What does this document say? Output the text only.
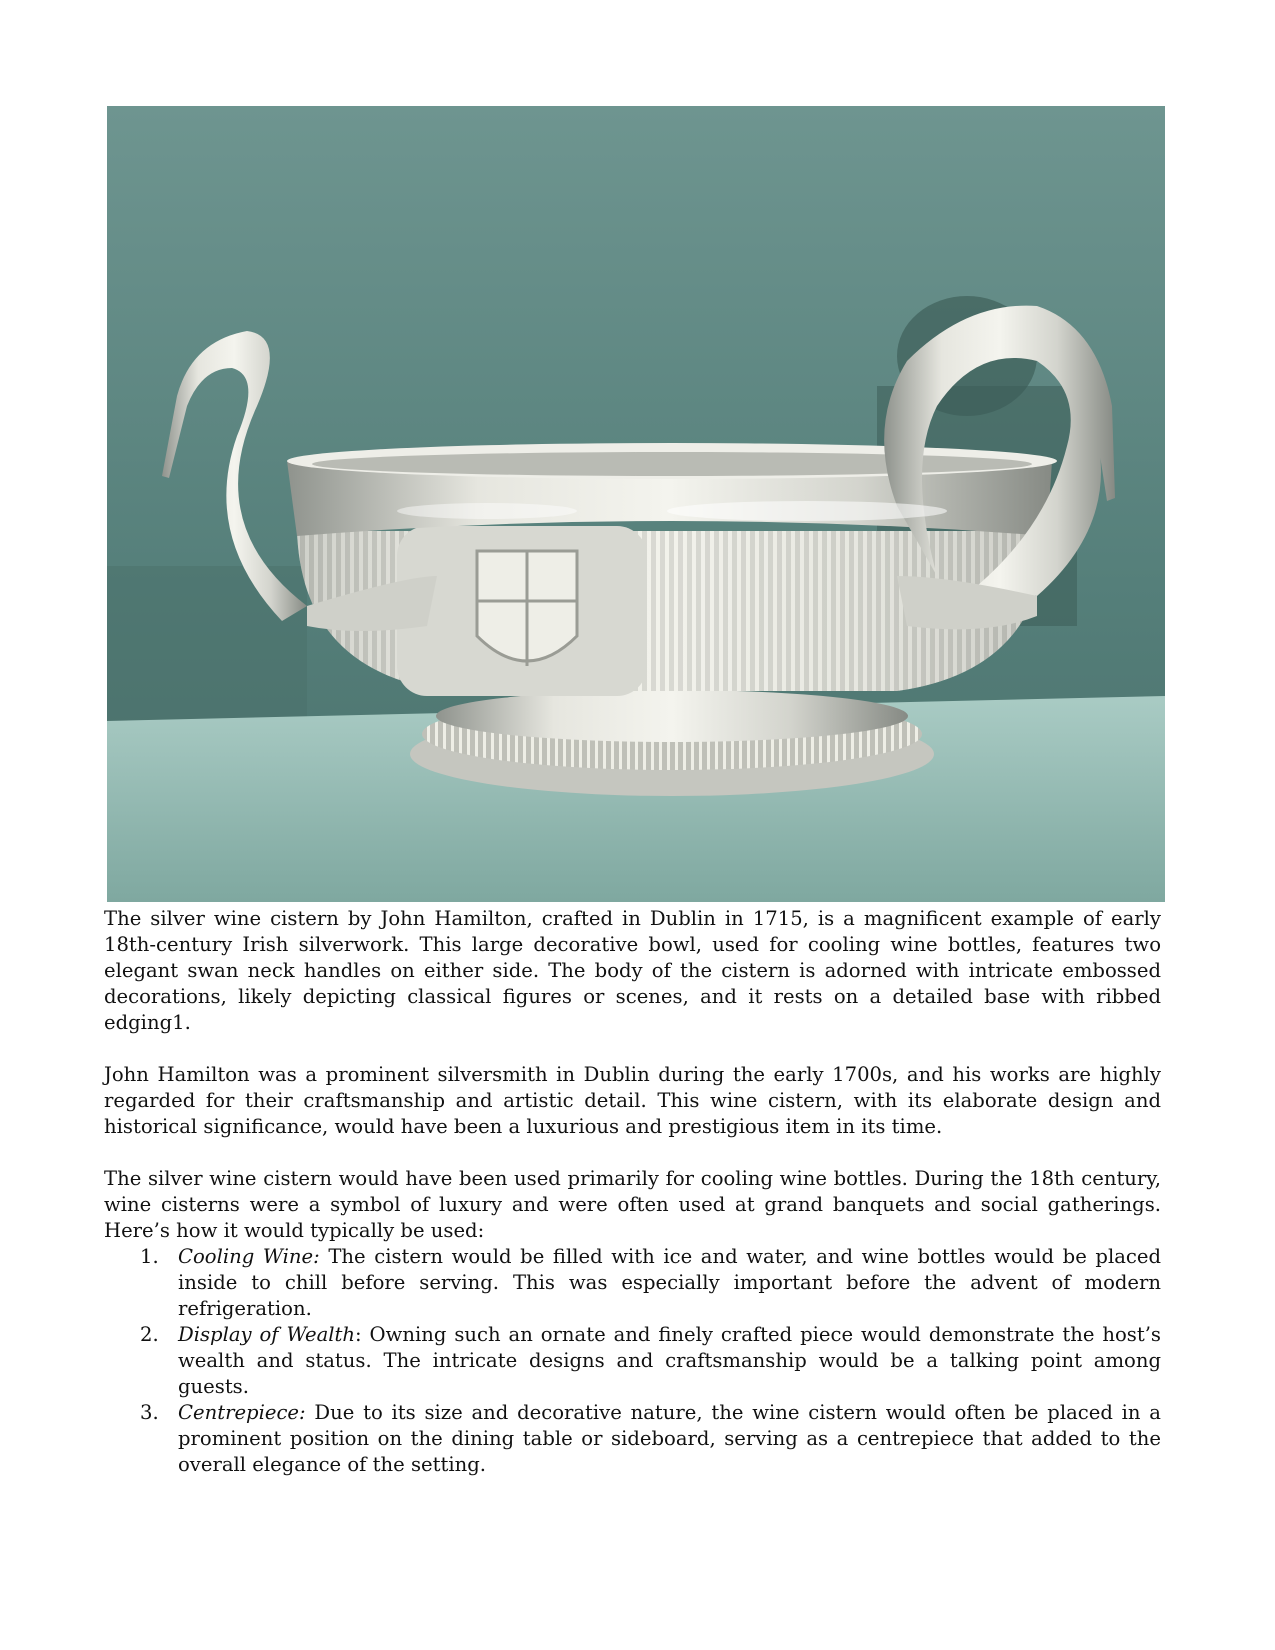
The silver wine cistern by John Hamilton, crafted in Dublin in 1715, is a magnificent example of early 18th-century Irish silverwork. This large decorative bowl, used for cooling wine bottles, features two elegant swan neck handles on either side. The body of the cistern is adorned with intricate embossed decorations, likely depicting classical figures or scenes, and it rests on a detailed base with ribbed edging1.

John Hamilton was a prominent silversmith in Dublin during the early 1700s, and his works are highly regarded for their craftsmanship and artistic detail. This wine cistern, with its elaborate design and historical significance, would have been a luxurious and prestigious item in its time.

The silver wine cistern would have been used primarily for cooling wine bottles. During the 18th century, wine cisterns were a symbol of luxury and were often used at grand banquets and social gatherings. Here’s how it would typically be used:

1. Cooling Wine: The cistern would be filled with ice and water, and wine bottles would be placed inside to chill before serving. This was especially important before the advent of modern refrigeration.
2. Display of Wealth: Owning such an ornate and finely crafted piece would demonstrate the host’s wealth and status. The intricate designs and craftsmanship would be a talking point among guests.
3. Centrepiece: Due to its size and decorative nature, the wine cistern would often be placed in a prominent position on the dining table or sideboard, serving as a centrepiece that added to the overall elegance of the setting.
